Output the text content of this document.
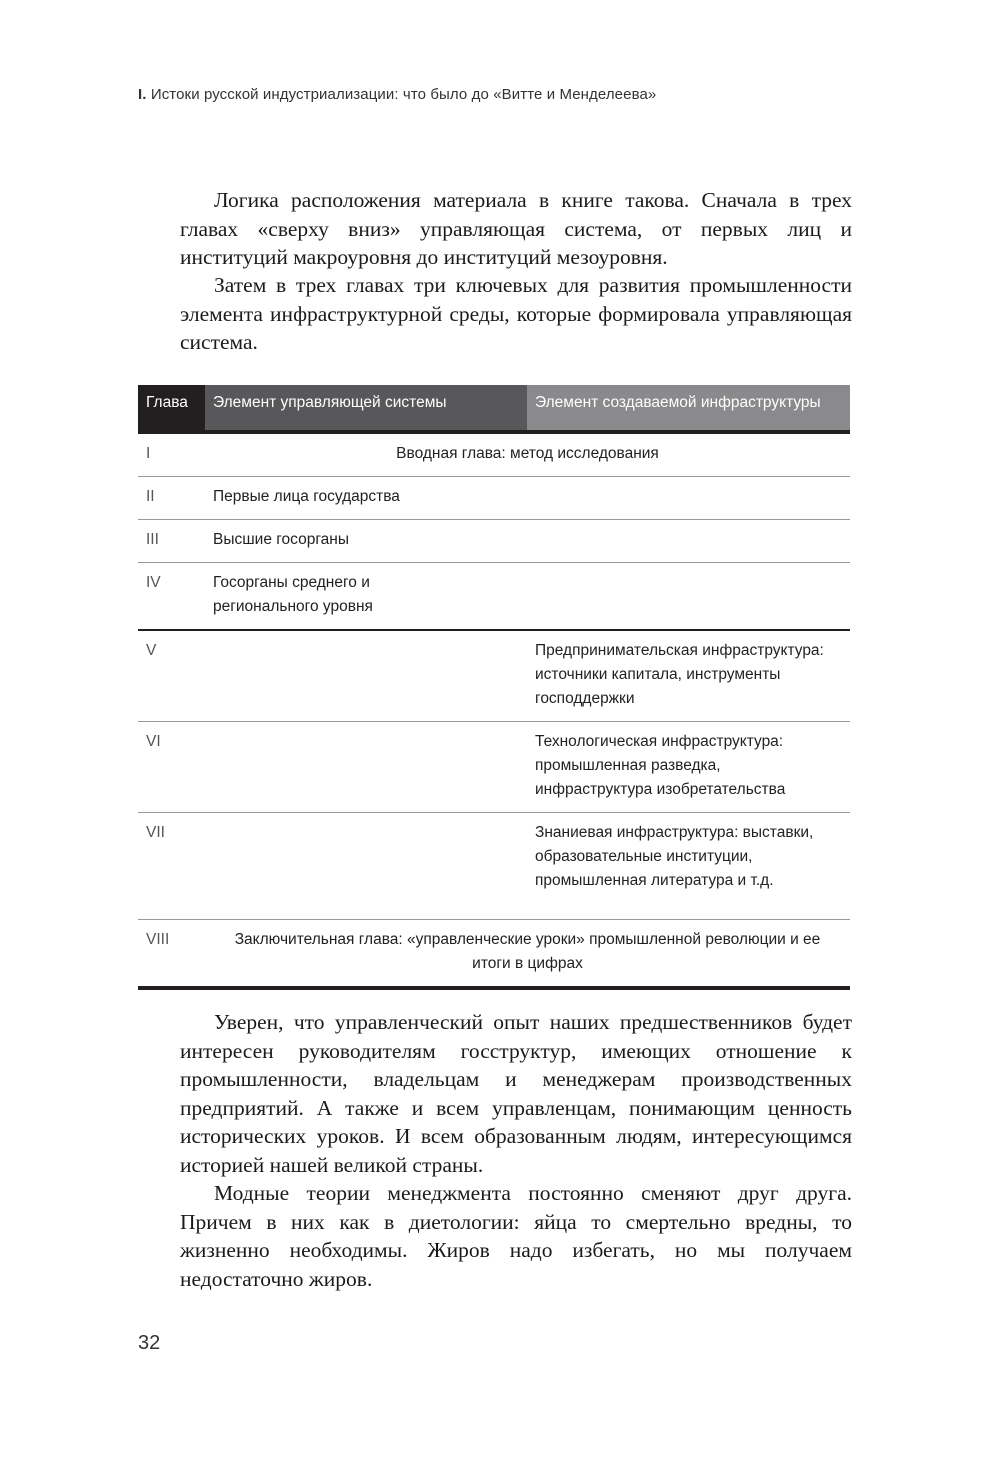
I. Истоки русской индустриализации: что было до «Витте и Менделеева»

Логика расположения материала в книге такова. Сначала в трех главах «сверху вниз» управляющая система, от первых лиц и институций макроуровня до институций мезоуровня.

Затем в трех главах три ключевых для развития промышленности элемента инфраструктурной среды, которые формировала управляющая система.

Глава	Элемент управляющей системы	Элемент создаваемой инфраструктуры
I	Вводная глава: метод исследования	
II	Первые лица государства	
III	Высшие госорганы	
IV	Госорганы среднего и регионального уровня	
V		Предпринимательская инфраструктура: источники капитала, инструменты господдержки
VI		Технологическая инфраструктура: промышленная разведка, инфраструктура изобретательства
VII		Знаниевая инфраструктура: выставки, образовательные институции, промышленная литература и т.д.
VIII	Заключительная глава: «управленческие уроки» промышленной революции и ее итоги в цифрах	

Уверен, что управленческий опыт наших предшественников будет интересен руководителям госструктур, имеющих отношение к промышленности, владельцам и менеджерам производственных предприятий. А также и всем управленцам, понимающим ценность исторических уроков. И всем образованным людям, интересующимся историей нашей великой страны.

Модные теории менеджмента постоянно сменяют друг друга. Причем в них как в диетологии: яйца то смертельно вредны, то жизненно необходимы. Жиров надо избегать, но мы получаем недостаточно жиров.

32
